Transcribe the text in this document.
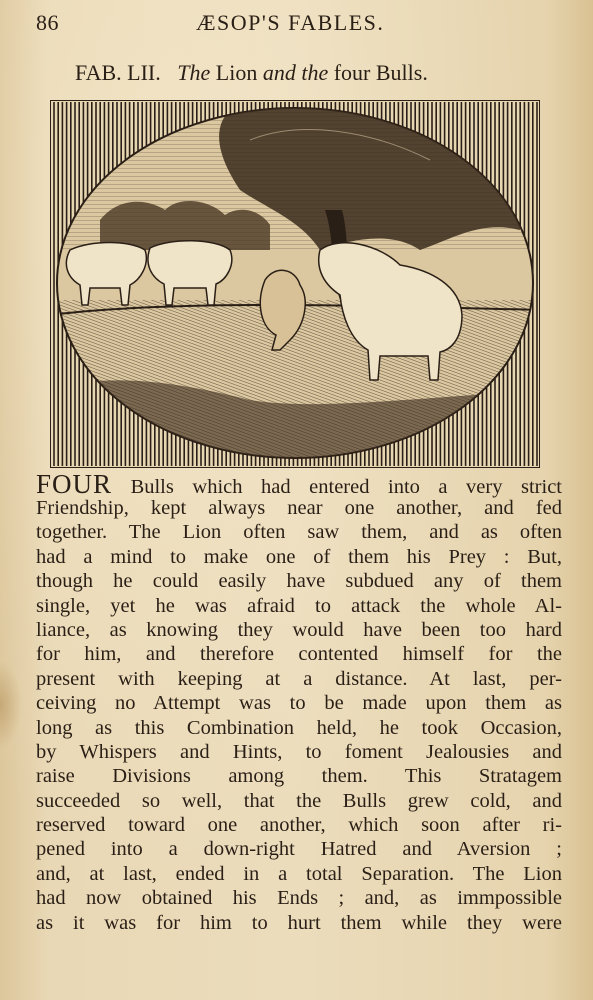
86	ÆSOP'S FABLES.
FAB. LII. The Lion and the four Bulls.
FOUR Bulls which had entered into a very strict
Friendship, kept always near one another, and fed
together. The Lion often saw them, and as often
had a mind to make one of them his Prey : But,
though he could easily have subdued any of them
single, yet he was afraid to attack the whole Al-
liance, as knowing they would have been too hard
for him, and therefore contented himself for the
present with keeping at a distance. At last, per-
ceiving no Attempt was to be made upon them as
long as this Combination held, he took Occasion,
by Whispers and Hints, to foment Jealousies and
raise Divisions among them. This Stratagem
succeeded so well, that the Bulls grew cold, and
reserved toward one another, which soon after ri-
pened into a down-right Hatred and Aversion ;
and, at last, ended in a total Separation. The Lion
had now obtained his Ends ; and, as immpossible
as it was for him to hurt them while they were
